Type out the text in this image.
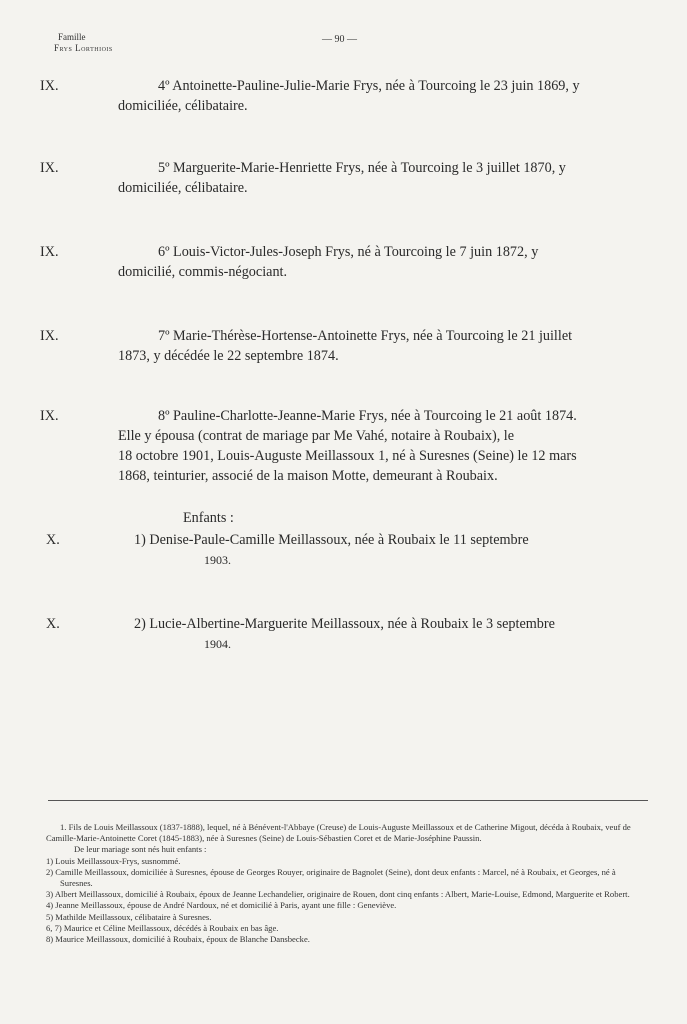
Famille
Frys Lorthiois
— 90 —
IX.	4º Antoinette-Pauline-Julie-Marie Frys, née à Tourcoing le 23 juin 1869, y
domiciliée, célibataire.
IX.	5º Marguerite-Marie-Henriette Frys, née à Tourcoing le 3 juillet 1870, y
domiciliée, célibataire.
IX.	6º Louis-Victor-Jules-Joseph Frys, né à Tourcoing le 7 juin 1872, y
domicilié, commis-négociant.
IX.	7º Marie-Thérèse-Hortense-Antoinette Frys, née à Tourcoing le 21 juillet
1873, y décédée le 22 septembre 1874.
IX.	8º Pauline-Charlotte-Jeanne-Marie Frys, née à Tourcoing le 21 août 1874.
Elle y épousa (contrat de mariage par Me Vahé, notaire à Roubaix), le
18 octobre 1901, Louis-Auguste Meillassoux 1, né à Suresnes (Seine) le 12 mars
1868, teinturier, associé de la maison Motte, demeurant à Roubaix.
Enfants :
X.	1) Denise-Paule-Camille Meillassoux, née à Roubaix le 11 septembre
1903.
X.	2) Lucie-Albertine-Marguerite Meillassoux, née à Roubaix le 3 septembre
1904.
1. Fils de Louis Meillassoux (1837-1888), lequel, né à Bénévent-l'Abbaye (Creuse) de Louis-Auguste Meillassoux et de Catherine Migout, décéda à Roubaix, veuf de Camille-Marie-Antoinette Coret (1845-1883), née à Suresnes (Seine) de Louis-Sébastien Coret et de Marie-Joséphine Paussin.
De leur mariage sont nés huit enfants :
1) Louis Meillassoux-Frys, susnommé.
2) Camille Meillassoux, domiciliée à Suresnes, épouse de Georges Rouyer, originaire de Bagnolet (Seine), dont deux enfants : Marcel, né à Roubaix, et Georges, né à Suresnes.
3) Albert Meillassoux, domicilié à Roubaix, époux de Jeanne Lechandelier, originaire de Rouen, dont cinq enfants : Albert, Marie-Louise, Edmond, Marguerite et Robert.
4) Jeanne Meillassoux, épouse de André Nardoux, né et domicilié à Paris, ayant une fille : Geneviève.
5) Mathilde Meillassoux, célibataire à Suresnes.
6, 7) Maurice et Céline Meillassoux, décédés à Roubaix en bas âge.
8) Maurice Meillassoux, domicilié à Roubaix, époux de Blanche Dansbecke.
